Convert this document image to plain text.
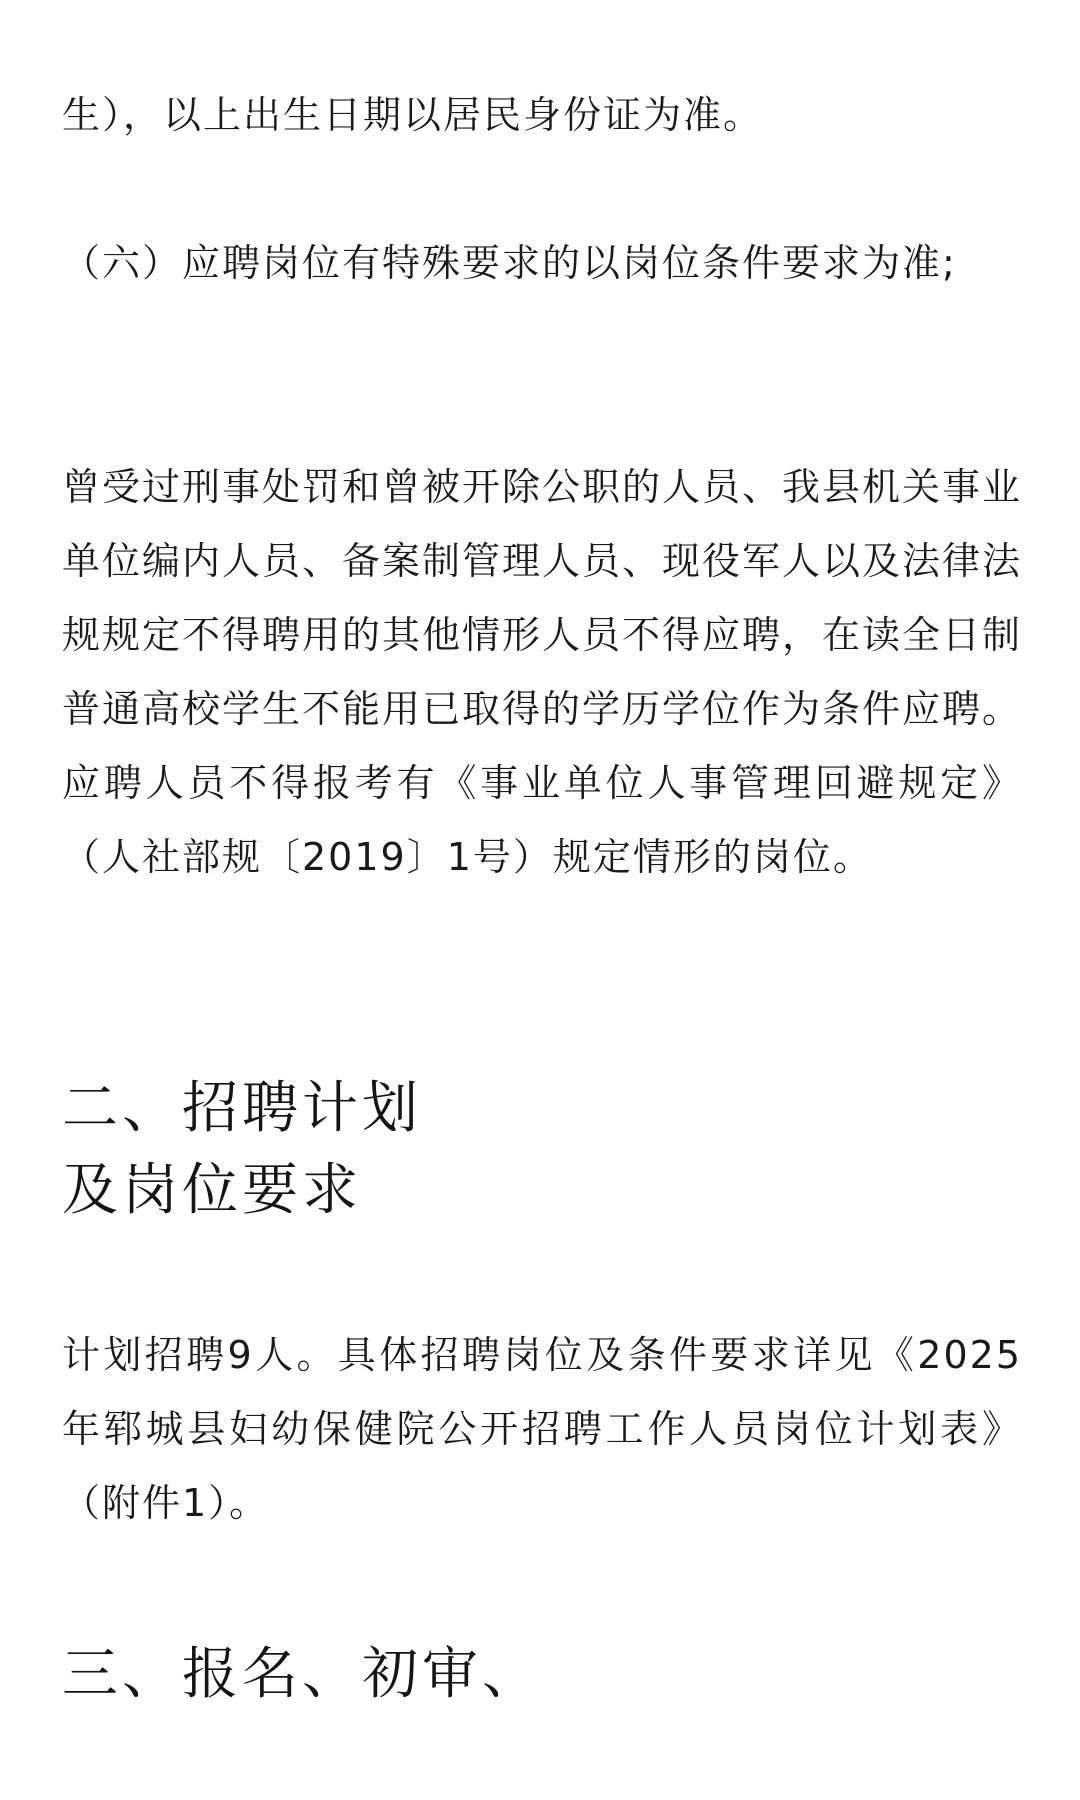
生），以上出生日期以居民身份证为准。

（六）应聘岗位有特殊要求的以岗位条件要求为准;

曾受过刑事处罚和曾被开除公职的人员、我县机关事业单位编内人员、备案制管理人员、现役军人以及法律法规规定不得聘用的其他情形人员不得应聘，在读全日制普通高校学生不能用已取得的学历学位作为条件应聘。应聘人员不得报考有《事业单位人事管理回避规定》（人社部规〔2019〕1号）规定情形的岗位。

二、招聘计划
及岗位要求

计划招聘9人。具体招聘岗位及条件要求详见《2025年郓城县妇幼保健院公开招聘工作人员岗位计划表》（附件1）。

三、报名、初审、
